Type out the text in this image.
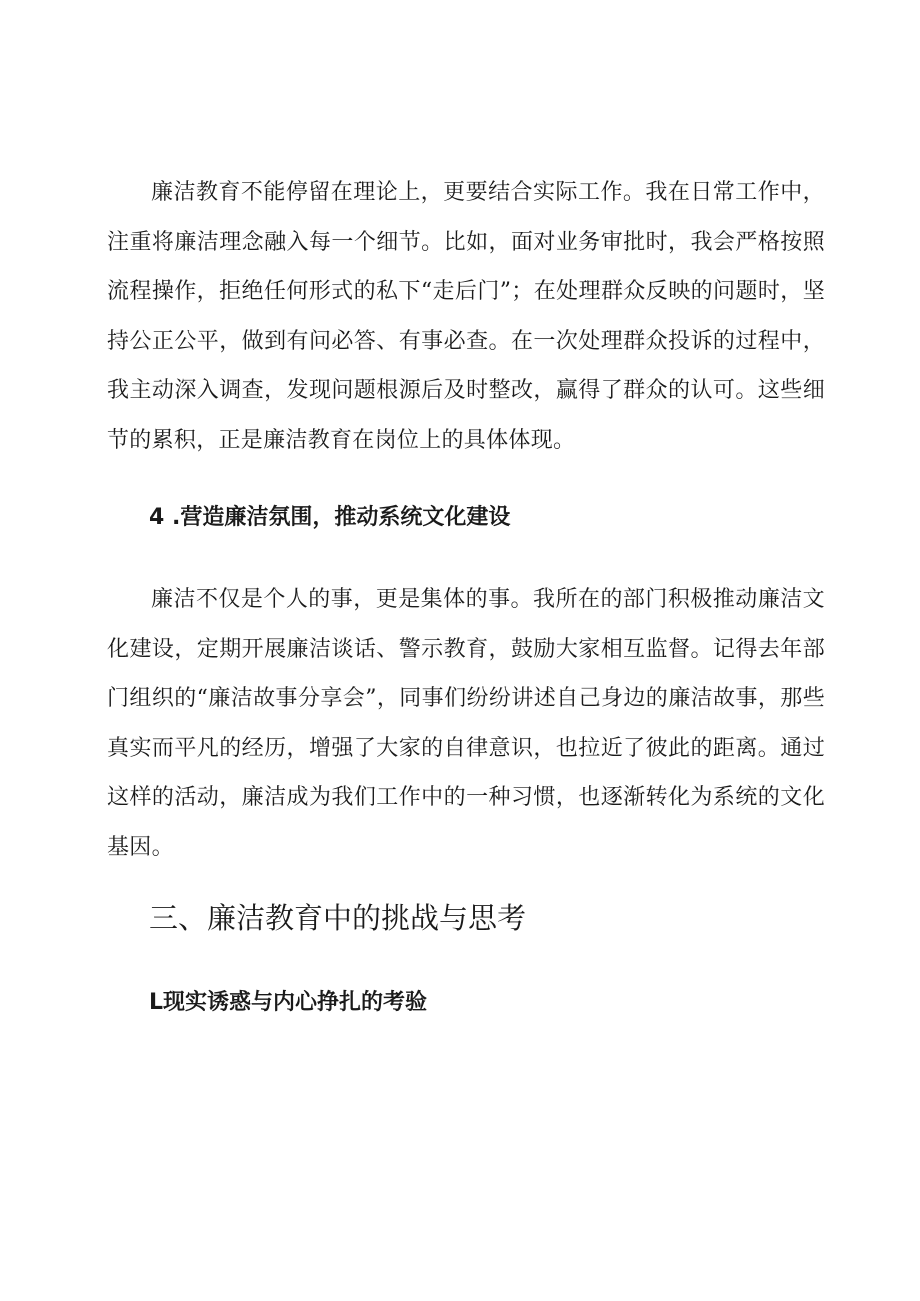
廉洁教育不能停留在理论上，更要结合实际工作。我在日常工作中，注重将廉洁理念融入每一个细节。比如，面对业务审批时，我会严格按照流程操作，拒绝任何形式的私下“走后门”；在处理群众反映的问题时，坚持公正公平，做到有问必答、有事必查。在一次处理群众投诉的过程中，我主动深入调查，发现问题根源后及时整改，赢得了群众的认可。这些细节的累积，正是廉洁教育在岗位上的具体体现。

4 .营造廉洁氛围，推动系统文化建设

廉洁不仅是个人的事，更是集体的事。我所在的部门积极推动廉洁文化建设，定期开展廉洁谈话、警示教育，鼓励大家相互监督。记得去年部门组织的“廉洁故事分享会”，同事们纷纷讲述自己身边的廉洁故事，那些真实而平凡的经历，增强了大家的自律意识，也拉近了彼此的距离。通过这样的活动，廉洁成为我们工作中的一种习惯，也逐渐转化为系统的文化基因。

三、廉洁教育中的挑战与思考
L现实诱惑与内心挣扎的考验
